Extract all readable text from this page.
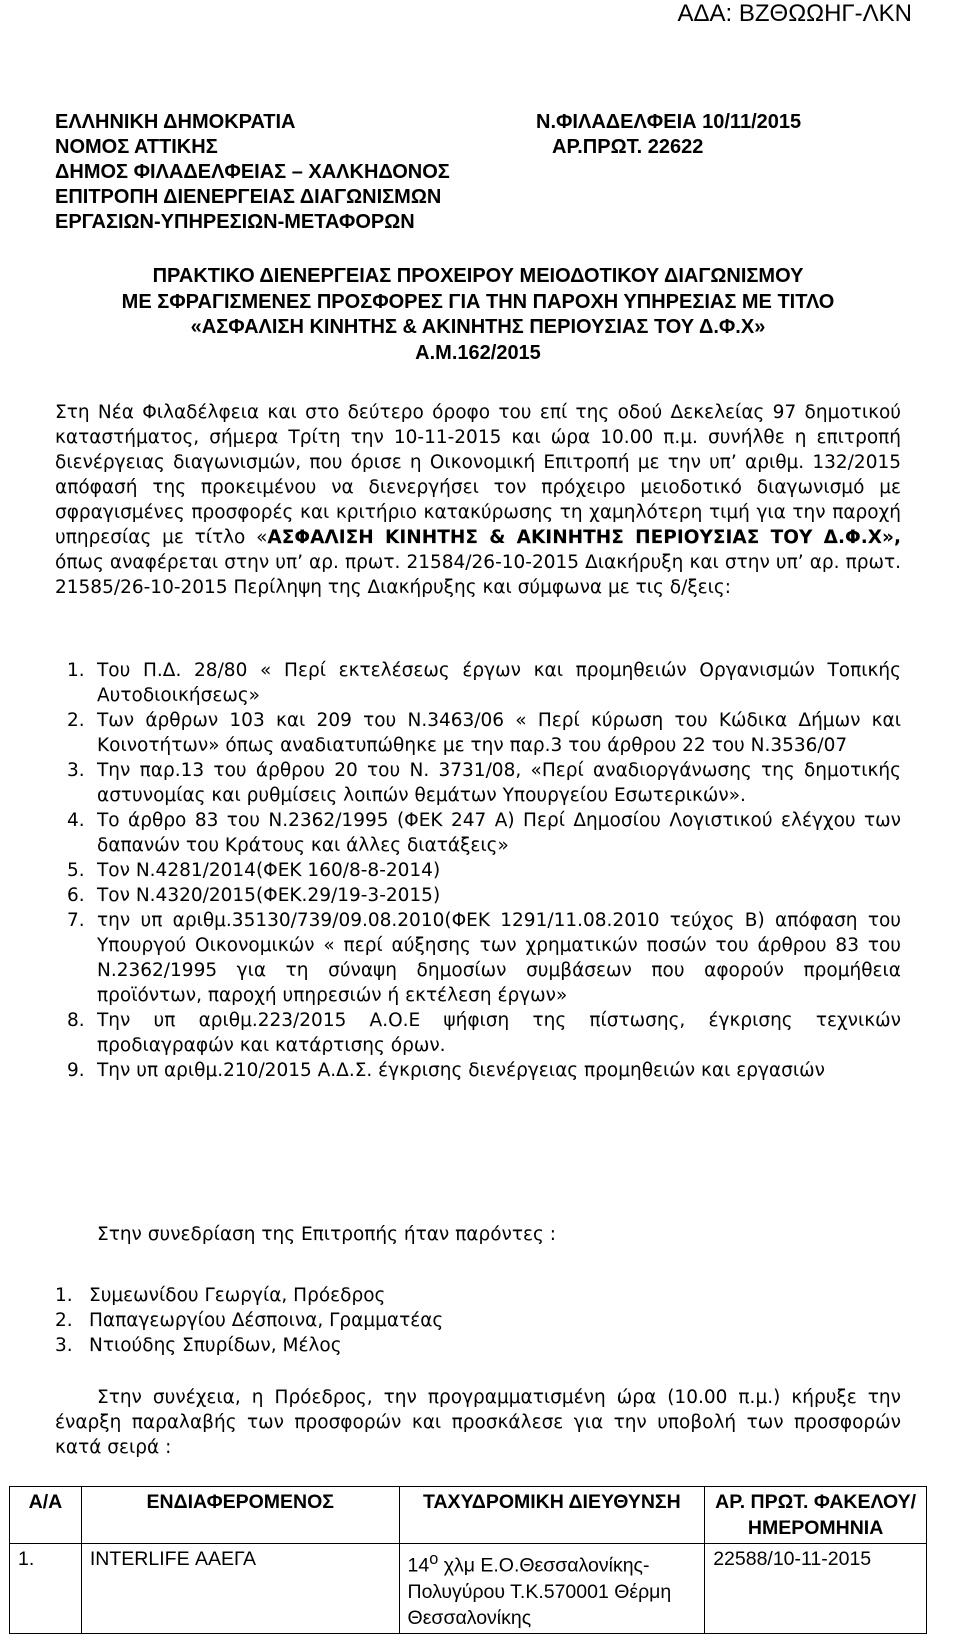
ΑΔΑ: ΒΖΘΩΩΗΓ-ΛΚΝ
ΕΛΛΗΝΙΚΗ ΔΗΜΟΚΡΑΤΙΑ
ΝΟΜΟΣ ΑΤΤΙΚΗΣ
ΔΗΜΟΣ ΦΙΛΑΔΕΛΦΕΙΑΣ – ΧΑΛΚΗΔΟΝΟΣ
ΕΠΙΤΡΟΠΗ ΔΙΕΝΕΡΓΕΙΑΣ ΔΙΑΓΩΝΙΣΜΩΝ
ΕΡΓΑΣΙΩΝ-ΥΠΗΡΕΣΙΩΝ-ΜΕΤΑΦΟΡΩΝ
Ν.ΦΙΛΑΔΕΛΦΕΙΑ 10/11/2015
ΑΡ.ΠΡΩΤ. 22622
ΠΡΑΚΤΙΚΟ ΔΙΕΝΕΡΓΕΙΑΣ ΠΡΟΧΕΙΡΟΥ ΜΕΙΟΔΟΤΙΚΟΥ ΔΙΑΓΩΝΙΣΜΟΥ
ΜΕ ΣΦΡΑΓΙΣΜΕΝΕΣ ΠΡΟΣΦΟΡΕΣ ΓΙΑ ΤΗΝ ΠΑΡΟΧΗ ΥΠΗΡΕΣΙΑΣ ΜΕ ΤΙΤΛΟ
«ΑΣΦΑΛΙΣΗ ΚΙΝΗΤΗΣ & ΑΚΙΝΗΤΗΣ ΠΕΡΙΟΥΣΙΑΣ ΤΟΥ Δ.Φ.Χ»
Α.Μ.162/2015
Στη Νέα Φιλαδέλφεια και στο δεύτερο όροφο του επί της οδού Δεκελείας 97 δημοτικού καταστήματος, σήμερα Τρίτη την 10-11-2015 και ώρα 10.00 π.μ. συνήλθε η επιτροπή διενέργειας διαγωνισμών, που όρισε η Οικονομική Επιτροπή με την υπ’ αριθμ. 132/2015 απόφασή της προκειμένου να διενεργήσει τον πρόχειρο μειοδοτικό διαγωνισμό με σφραγισμένες προσφορές και κριτήριο κατακύρωσης τη χαμηλότερη τιμή για την παροχή υπηρεσίας με τίτλο «ΑΣΦΑΛΙΣΗ ΚΙΝΗΤΗΣ & ΑΚΙΝΗΤΗΣ ΠΕΡΙΟΥΣΙΑΣ ΤΟΥ Δ.Φ.Χ», όπως αναφέρεται στην υπ’ αρ. πρωτ. 21584/26-10-2015 Διακήρυξη και στην υπ’ αρ. πρωτ. 21585/26-10-2015 Περίληψη της Διακήρυξης και σύμφωνα με τις δ/ξεις:
1. Του Π.Δ. 28/80 « Περί εκτελέσεως έργων και προμηθειών Οργανισμών Τοπικής Αυτοδιοικήσεως»
2. Των άρθρων 103 και 209 του Ν.3463/06 « Περί κύρωση του Κώδικα Δήμων και Κοινοτήτων» όπως αναδιατυπώθηκε με την παρ.3 του άρθρου 22 του Ν.3536/07
3. Την παρ.13 του άρθρου 20 του Ν. 3731/08, «Περί αναδιοργάνωσης της δημοτικής αστυνομίας και ρυθμίσεις λοιπών θεμάτων Υπουργείου Εσωτερικών».
4. Το άρθρο 83 του Ν.2362/1995 (ΦΕΚ 247 Α) Περί Δημοσίου Λογιστικού ελέγχου των δαπανών του Κράτους και άλλες διατάξεις»
5. Τον Ν.4281/2014(ΦΕΚ 160/8-8-2014)
6. Τον Ν.4320/2015(ΦΕΚ.29/19-3-2015)
7. την υπ αριθμ.35130/739/09.08.2010(ΦΕΚ 1291/11.08.2010 τεύχος Β) απόφαση του Υπουργού Οικονομικών « περί αύξησης των χρηματικών ποσών του άρθρου 83 του Ν.2362/1995 για τη σύναψη δημοσίων συμβάσεων που αφορούν προμήθεια προϊόντων, παροχή υπηρεσιών ή εκτέλεση έργων»
8. Την υπ αριθμ.223/2015 Α.Ο.Ε ψήφιση της πίστωσης, έγκρισης τεχνικών προδιαγραφών και κατάρτισης όρων.
9. Την υπ αριθμ.210/2015 Α.Δ.Σ. έγκρισης διενέργειας προμηθειών και εργασιών
Στην συνεδρίαση της Επιτροπής ήταν παρόντες :
1. Συμεωνίδου Γεωργία, Πρόεδρος
2. Παπαγεωργίου Δέσποινα, Γραμματέας
3. Ντιούδης Σπυρίδων, Μέλος
Στην συνέχεια, η Πρόεδρος, την προγραμματισμένη ώρα (10.00 π.μ.) κήρυξε την έναρξη παραλαβής των προσφορών και προσκάλεσε για την υποβολή των προσφορών κατά σειρά :
Α/Α	ΕΝΔΙΑΦΕΡΟΜΕΝΟΣ	ΤΑΧΥΔΡΟΜΙΚΗ ΔΙΕΥΘΥΝΣΗ	ΑΡ. ΠΡΩΤ. ΦΑΚΕΛΟΥ/ ΗΜΕΡΟΜΗΝΙΑ
1.	INTERLIFE ΑΑΕΓΑ	$14^o$ χλμ Ε.Ο.Θεσσαλονίκης-Πολυγύρου Τ.Κ.570001 Θέρμη Θεσσαλονίκης	22588/10-11-2015
